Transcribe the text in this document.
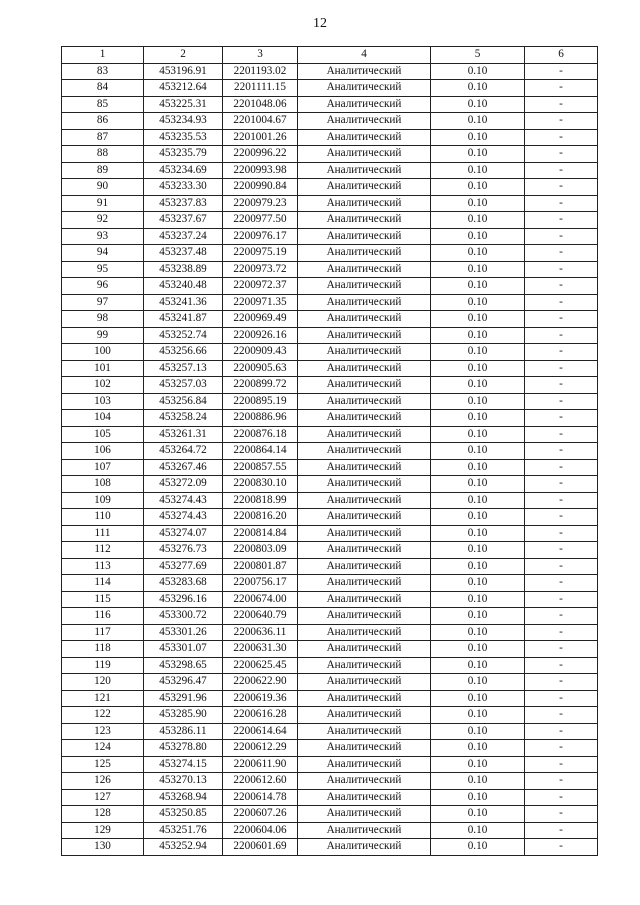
12
1	2	3	4	5	6
83	453196.91	2201193.02	Аналитический	0.10	-
84	453212.64	2201111.15	Аналитический	0.10	-
85	453225.31	2201048.06	Аналитический	0.10	-
86	453234.93	2201004.67	Аналитический	0.10	-
87	453235.53	2201001.26	Аналитический	0.10	-
88	453235.79	2200996.22	Аналитический	0.10	-
89	453234.69	2200993.98	Аналитический	0.10	-
90	453233.30	2200990.84	Аналитический	0.10	-
91	453237.83	2200979.23	Аналитический	0.10	-
92	453237.67	2200977.50	Аналитический	0.10	-
93	453237.24	2200976.17	Аналитический	0.10	-
94	453237.48	2200975.19	Аналитический	0.10	-
95	453238.89	2200973.72	Аналитический	0.10	-
96	453240.48	2200972.37	Аналитический	0.10	-
97	453241.36	2200971.35	Аналитический	0.10	-
98	453241.87	2200969.49	Аналитический	0.10	-
99	453252.74	2200926.16	Аналитический	0.10	-
100	453256.66	2200909.43	Аналитический	0.10	-
101	453257.13	2200905.63	Аналитический	0.10	-
102	453257.03	2200899.72	Аналитический	0.10	-
103	453256.84	2200895.19	Аналитический	0.10	-
104	453258.24	2200886.96	Аналитический	0.10	-
105	453261.31	2200876.18	Аналитический	0.10	-
106	453264.72	2200864.14	Аналитический	0.10	-
107	453267.46	2200857.55	Аналитический	0.10	-
108	453272.09	2200830.10	Аналитический	0.10	-
109	453274.43	2200818.99	Аналитический	0.10	-
110	453274.43	2200816.20	Аналитический	0.10	-
111	453274.07	2200814.84	Аналитический	0.10	-
112	453276.73	2200803.09	Аналитический	0.10	-
113	453277.69	2200801.87	Аналитический	0.10	-
114	453283.68	2200756.17	Аналитический	0.10	-
115	453296.16	2200674.00	Аналитический	0.10	-
116	453300.72	2200640.79	Аналитический	0.10	-
117	453301.26	2200636.11	Аналитический	0.10	-
118	453301.07	2200631.30	Аналитический	0.10	-
119	453298.65	2200625.45	Аналитический	0.10	-
120	453296.47	2200622.90	Аналитический	0.10	-
121	453291.96	2200619.36	Аналитический	0.10	-
122	453285.90	2200616.28	Аналитический	0.10	-
123	453286.11	2200614.64	Аналитический	0.10	-
124	453278.80	2200612.29	Аналитический	0.10	-
125	453274.15	2200611.90	Аналитический	0.10	-
126	453270.13	2200612.60	Аналитический	0.10	-
127	453268.94	2200614.78	Аналитический	0.10	-
128	453250.85	2200607.26	Аналитический	0.10	-
129	453251.76	2200604.06	Аналитический	0.10	-
130	453252.94	2200601.69	Аналитический	0.10	-
